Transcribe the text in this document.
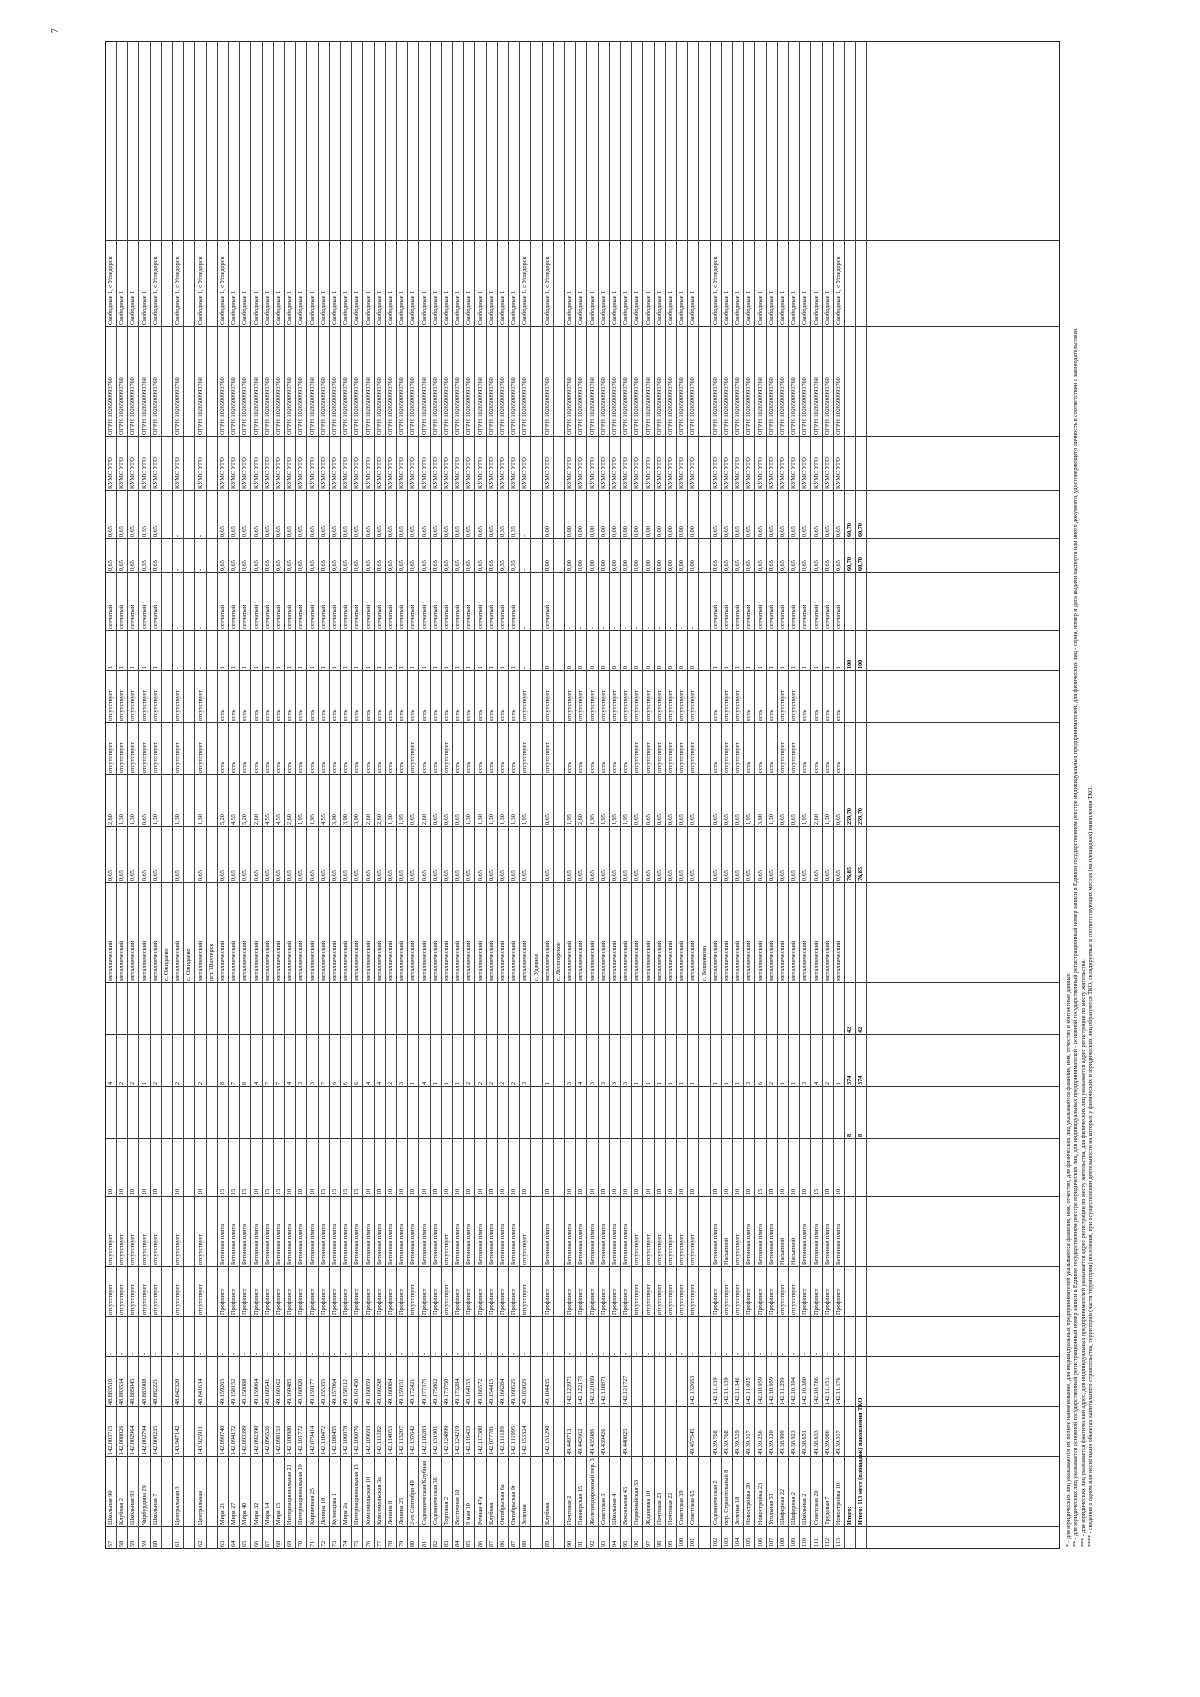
7
57
Школьная 90
142.003715
48.883510
-
отсутствует
отсутствует
10
4
металлический
0,65
2,60
отсутствует
отсутствует
1
сетчатый
0,65
0,65
КУМС УГО
ОГРН 1026500993760
Свободные 1, с Угледорск
58
Клубная 2
142.008026
48.883534
-
отсутствует
отсутствует
10
2
металлический
0,65
1,30
отсутствует
отсутствует
1
сетчатый
0,65
0,65
КУМС УГО
ОГРН 1026500993760
Свободные 1
59
Школьная 93
142.002964
48.885045
-
отсутствует
отсутствует
10
2
металлический
0,65
1,30
отсутствует
отсутствует
1
сетчатый
0,65
0,65
КУМС УГО
ОГРН 1026500993760
Свободные 1
59
Чирбурдина 29
142.002794
48.883908
-
отсутствует
отсутствует
10
1
металлический
0,65
0,65
отсутствует
отсутствует
1
сетчатый
0,35
0,35
КУМС УГО
ОГРН 1026500993760
Свободные 1
60
Школьная 7
142.008235
48.882221
-
отсутствует
отсутствует
10
2
металлический
0,65
1,30
отсутствует
отсутствует
1
сетчатый
0,65
0,65
КУМС УГО
ОГРН 1026500993760
Свободные 1, с Угледорск
с. Ожидаево
61
Центральная 3
143.947142
48.842320
-
отсутствует
отсутствует
10
2
металлический
0,65
1,30
отсутствует
отсутствует
-
-
-
-
КУМС УГО
ОГРН 1026500993760
Свободные 1, с Угледорск
с. Ожидаево
62
Центральная
143.925911
48.841634
-
отсутствует
отсутствует
10
2
металлический
0,65
1,30
отсутствует
отсутствует
-
-
-
-
КУМС УГО
ОГРН 1026500993760
Свободные 1, с Угледорск
пгт. Шахтерск
63
Мира 21
142.099740
49.159265
-
Профлист
Бетонная плита
15
8
металлический
0,65
5,20
есть
есть
1
сетчатый
0,65
0,65
КУМС УГО
ОГРН 1026500993760
Свободные 1, с Угледорск
64
Мира 27
142.094172
49.158152
-
Профлист
Бетонная плита
15
7
металлический
0,65
4,55
есть
есть
1
сетчатый
0,65
0,65
КУМС УГО
ОГРН 1026500993760
Свободные 1
65
Мира 40
142.093399
49.158088
-
Профлист
Бетонная плита
15
8
металлический
0,65
5,20
есть
есть
1
сетчатый
0,65
0,65
КУМС УГО
ОГРН 1026500993760
Свободные 1
66
Мира 32
142.092390
49.159064
-
Профлист
Бетонная плита
10
4
металлический
0,65
2,60
есть
есть
1
сетчатый
0,65
0,65
КУМС УГО
ОГРН 1026500993760
Свободные 1
67
Мира 14
142.096526
49.160541
-
Профлист
Бетонная плита
15
7
металлический
0,65
4,55
есть
есть
1
сетчатый
0,65
0,65
КУМС УГО
ОГРН 1026500993760
Свободные 1
68
Мира 15
142.098153
49.160162
-
Профлист
Бетонная плита
15
7
металлический
0,65
4,55
есть
есть
1
сетчатый
0,65
0,65
КУМС УГО
ОГРН 1026500993760
Свободные 1
69
Интернациональная 21
142.100980
49.160485
-
Профлист
Бетонная плита
10
4
металлический
0,65
2,60
есть
есть
1
сетчатый
0,65
0,65
КУМС УГО
ОГРН 1026500993760
Свободные 1
70
Интернациональная 19
142.101772
49.160920
-
Профлист
Бетонная плита
10
3
металлический
0,65
1,95
есть
есть
1
сетчатый
0,65
0,65
КУМС УГО
ОГРН 1026500993760
Свободные 1
71
Кирпичная 25
142.079414
49.159177
-
Профлист
Бетонная плита
10
3
металлический
0,65
1,95
есть
есть
1
сетчатый
0,65
0,65
КУМС УГО
ОГРН 1026500993760
Свободные 1
72
Ленина 18
142.110472
49.155355
-
Профлист
Бетонная плита
15
7
металлический
0,65
4,55
есть
есть
1
сетчатый
0,65
0,65
КУМС УГО
ОГРН 1026500993760
Свободные 1
73
Кузнецова 1
142.108455
49.157064
-
Профлист
Бетонная плита
15
6
металлический
0,65
3,90
есть
есть
1
сетчатый
0,65
0,65
КУМС УГО
ОГРН 1026500993760
Свободные 1
74
Мира 2а
142.106078
49.158112
-
Профлист
Бетонная плита
15
6
металлический
0,65
3,90
есть
есть
1
сетчатый
0,65
0,65
КУМС УГО
ОГРН 1026500993760
Свободные 1
75
Интернациональная 13
142.106076
49.161450
-
Профлист
Бетонная плита
15
6
металлический
0,65
3,90
есть
есть
1
сетчатый
0,65
0,65
КУМС УГО
ОГРН 1026500993760
Свободные 1
76
Комсомольская 10
142.109693
49.160059
-
Профлист
Бетонная плита
10
4
металлический
0,65
2,60
есть
есть
1
сетчатый
0,65
0,65
КУМС УГО
ОГРН 1026500993760
Свободные 1
77
Комсомольская 3а
142.111282
49.160298
-
Профлист
Бетонная плита
10
4
металлический
0,65
2,60
есть
есть
1
сетчатый
0,65
0,65
КУМС УГО
ОГРН 1026500993760
Свободные 1
78
Ленина 8
142.114053
49.160084
-
Профлист
Бетонная плита
10
2
металлический
0,65
1,30
есть
есть
1
сетчатый
0,65
0,65
КУМС УГО
ОГРН 1026500993760
Свободные 1
79
Ленина 25
142.113207
49.159151
-
Профлист
Бетонная плита
10
3
металлический
0,65
1,95
есть
есть
1
сетчатый
0,65
0,65
КУМС УГО
ОГРН 1026500993760
Свободные 1
80
2-го Сентября 49
142.137642
49.172421
-
отсутствует
Бетонная плита
10
1
металлический
0,65
0,65
отсутствует
есть
1
сетчатый
0,65
0,65
КУМС УГО
ОГРН 1026500993760
Свободные 1
81
Садовническая/Клубная
142.118283
49.177375
-
Профлист
Бетонная плита
10
4
металлический
0,65
2,60
есть
есть
1
сетчатый
0,65
0,65
КУМС УГО
ОГРН 1026500993760
Свободные 1
82
Садовническая 36
142.131901
49.175862
-
Профлист
Бетонная плита
10
1
металлический
0,65
0,65
есть
есть
1
сетчатый
0,65
0,65
КУМС УГО
ОГРН 1026500993760
Свободные 1
83
Торговая 2
142.124899
49.173750
-
отсутствует
отсутствует
10
1
металлический
0,65
0,65
отсутствует
есть
1
сетчатый
0,65
0,65
КУМС УГО
ОГРН 1026500993760
Свободные 1
84
Восточная 10
142.124219
49.173284
-
Профлист
Бетонная плита
10
1
металлический
0,65
0,65
есть
есть
1
сетчатый
0,65
0,65
КУМС УГО
ОГРН 1026500993760
Свободные 1
85
9 мая 10
142.116433
49.164155
-
Профлист
Бетонная плита
10
2
металлический
0,65
1,30
есть
есть
1
сетчатый
0,65
0,65
КУМС УГО
ОГРН 1026500993760
Свободные 1
86
Речная 47а
142.117380
49.166572
-
Профлист
Бетонная плита
10
2
металлический
0,65
1,30
есть
есть
1
сетчатый
0,65
0,65
КУМС УГО
ОГРН 1026500993760
Свободные 1
87
Клубная
142.077781
49.154415
-
Профлист
Бетонная плита
10
2
металлический
0,65
1,30
есть
есть
1
сетчатый
0,65
0,65
КУМС УГО
ОГРН 1026500993760
Свободные 1
86
Октябрьская 6а
142.111189
49.166284
-
Профлист
Бетонная плита
10
2
металлический
0,65
1,30
есть
есть
1
сетчатый
0,35
0,35
КУМС УГО
ОГРН 1026500993760
Свободные 1
87
Октябрьская 9г
142.111995
49.160525
-
Профлист
Бетонная плита
10
2
металлический
0,65
1,30
есть
есть
1
сетчатый
0,35
0,35
КУМС УГО
ОГРН 1026500993760
Свободные 1
88
Зеленая
142.153324
49.183025
-
отсутствует
отсутствует
10
3
металлический
0,65
1,95
отсутствует
отсутствует
-
-
-
-
КУМС УГО
ОГРН 1026500993760
Свободные 1, с Угледорск
с. Удачное
89
Клубная
142.131290
49.104435
-
Профлист
Бетонная плита
10
1
металлический
0,65
0,65
отсутствует
отсутствует
0
сетчатый
0,00
0,00
КУМС УГО
ОГРН 1026500993760
Свободные 1, с Угледорск
с. Лесогорское
90
Почтовая 2
49.449713
142.123971
-
Профлист
Бетонная плита
10
3
металлический
0,65
1,95
есть
отсутствует
0
-
0,00
0,00
КУМС УГО
ОГРН 1026500993760
Свободные 1
91
Пионерская 15
49.442662
142.122175
-
Профлист
Бетонная плита
10
4
металлический
0,65
2,60
есть
отсутствует
0
-
0,00
0,00
КУМС УГО
ОГРН 1026500993760
Свободные 1
92
Железнодорожный пер. 3
49.435986
142.121069
-
Профлист
Бетонная плита
10
3
металлический
0,65
1,95
есть
отсутствует
0
-
0,00
0,00
КУМС УГО
ОГРН 1026500993760
Свободные 1
93
Советская 3
49.439426
142.118871
-
Профлист
Бетонная плита
10
3
металлический
0,65
1,95
есть
отсутствует
0
-
0,00
0,00
КУМС УГО
ОГРН 1026500993760
Свободные 1
94
Школьная 4
-
Профлист
Бетонная плита
10
3
металлический
0,65
1,95
есть
отсутствует
0
-
0,00
0,00
КУМС УГО
ОГРН 1026500993760
Свободные 1
95
Вокзальная 43
49.440825
142.121727
-
Профлист
Бетонная плита
10
3
металлический
0,65
1,95
есть
отсутствует
0
-
0,00
0,00
КУМС УГО
ОГРН 1026500993760
Свободные 1
96
Первомайская 33
-
отсутствует
отсутствует
10
1
металлический
0,65
0,65
отсутствует
отсутствует
0
-
0,00
0,00
КУМС УГО
ОГРН 1026500993760
Свободные 1
97
Ждановка 10
-
отсутствует
отсутствует
10
1
металлический
0,65
0,65
отсутствует
отсутствует
0
-
0,00
0,00
КУМС УГО
ОГРН 1026500993760
Свободные 1
98
Почтовая 23
-
отсутствует
отсутствует
10
1
металлический
0,65
0,65
отсутствует
отсутствует
0
-
0,00
0,00
КУМС УГО
ОГРН 1026500993760
Свободные 1
99
Почтовая 22
-
отсутствует
отсутствует
10
1
металлический
0,65
0,65
отсутствует
отсутствует
0
-
0,00
0,00
КУМС УГО
ОГРН 1026500993760
Свободные 1
100
Советская 39
-
отсутствует
отсутствует
10
1
металлический
0,65
0,65
отсутствует
отсутствует
0
-
0,00
0,00
КУМС УГО
ОГРН 1026500993760
Свободные 1
101
Советская 65
49.457545
142.132663
-
отсутствует
отсутствует
10
1
металлический
0,65
0,65
отсутствует
отсутствует
0
-
0,00
0,00
КУМС УГО
ОГРН 1026500993760
Свободные 1
с. Бошняково
102
Садовническая 2
49.39.768
142.11.139
-
Профлист
Бетонная плита
10
1
металлический
0,65
0,65
есть
есть
1
сетчатый
0,65
0,65
КУМС УГО
ОГРН 1026500993760
Свободные 1, с Угледорск
103
пер. Строительный 8
49.39.768
142.11.139
-
отсутствует
Насыпной
10
1
металлический
0,65
0,65
отсутствует
отсутствует
1
сетчатый
0,65
0,65
КУМС УГО
ОГРН 1026500993760
Свободные 1
104
Зеленая 18
49.39.529
142.11.346
-
отсутствует
отсутствует
10
1
металлический
0,65
0,65
отсутствует
отсутствует
1
сетчатый
0,65
0,65
КУМС УГО
ОГРН 1026500993760
Свободные 1
105
Новостройка 20
49.39.317
142.11.025
-
Профлист
Бетонная плита
10
3
металлический
0,65
1,95
есть
есть
1
сетчатый
0,65
0,65
КУМС УГО
ОГРН 1026500993760
Свободные 1
106
Новостройка 23
49.39.256
142.10.959
-
Профлист
Бетонная плита
15
6
металлический
0,65
3,90
есть
есть
1
сетчатый
0,65
0,65
КУМС УГО
ОГРН 1026500993760
Свободные 1
107
Угольная 31
49.39.120
142.10.959
-
Профлист
Бетонная плита
10
2
металлический
0,65
1,30
есть
есть
1
сетчатый
0,65
0,65
КУМС УГО
ОГРН 1026500993760
Свободные 1
108
Шиферная 22
49.38.999
142.11.299
-
отсутствует
Насыпной
10
1
металлический
0,65
0,65
отсутствует
отсутствует
1
сетчатый
0,65
0,65
КУМС УГО
ОГРН 1026500993760
Свободные 1
109
Шиферная 2
49.38.923
142.10.394
-
отсутствует
Насыпной
10
1
металлический
0,65
0,65
отсутствует
отсутствует
1
сетчатый
0,65
0,65
КУМС УГО
ОГРН 1026500993760
Свободные 1
110
Школьная 2
49.38.651
142.10.380
-
Профлист
Бетонная плита
10
3
металлический
0,65
1,95
есть
есть
1
сетчатый
0,65
0,65
КУМС УГО
ОГРН 1026500993760
Свободные 1
111
Советская 20
49.38.633
142.10.786
-
Профлист
Бетонная плита
15
4
металлический
0,65
2,60
есть
есть
1
сетчатый
0,65
0,65
КУМС УГО
ОГРН 1026500993760
Свободные 1
112
Трудовая 7
49.39.086
142.11.151
-
Профлист
Бетонная плита
10
2
металлический
0,65
1,30
есть
есть
1
сетчатый
0,65
0,65
КУМС УГО
ОГРН 1026500993760
Свободные 1
113
Новостройка 10
49.39.317
142.11.176
-
Профлист
Бетонная плита
10
1
металлический
0,65
0,65
есть
есть
1
сетчатый
0,65
0,65
КУМС УГО
ОГРН 1026500993760
Свободные 1, с Угледорск
Итого:
8
374
42
76,85
259,70
100
60,70
60,70
Итого: 113 мест (площадок) накопления ТКО
8
374
42
76,85
259,70
100
60,70
60,70
* - для юридических лиц указываются их полное наименование, для индивидуальных предпринимателей указываются фамилия, имя, отчество, для физических лиц указываются фамилия, имя, отчество и контактные данные. ** - для юридических лиц указывается основной государственный регистрационный номер записи в Едином государственном реестре юридических лиц, для индивидуальных предпринимателей - основной государственный регистрационный номер записи в Едином государственном реестре индивидуальных предпринимателей; для физических лиц - серия, номер и дата выдачи паспорта или иного документа, удостоверяющего личность в соответствии с законодательством. *** - для юридических лиц указывается фактический адрес, для индивидуальных предпринимателей указывается адрес регистрации по месту жительства, для физических лиц указывается адрес регистрации по месту жительства. **** - сведения о одном или нескольких объектах капитального строительства, территории (части территории) поселения, при осуществлении деятельности на которых у физических и юридических лиц образуются ТКО, складируемые в соответствующих местах (на площадках) накопления ТКО.
